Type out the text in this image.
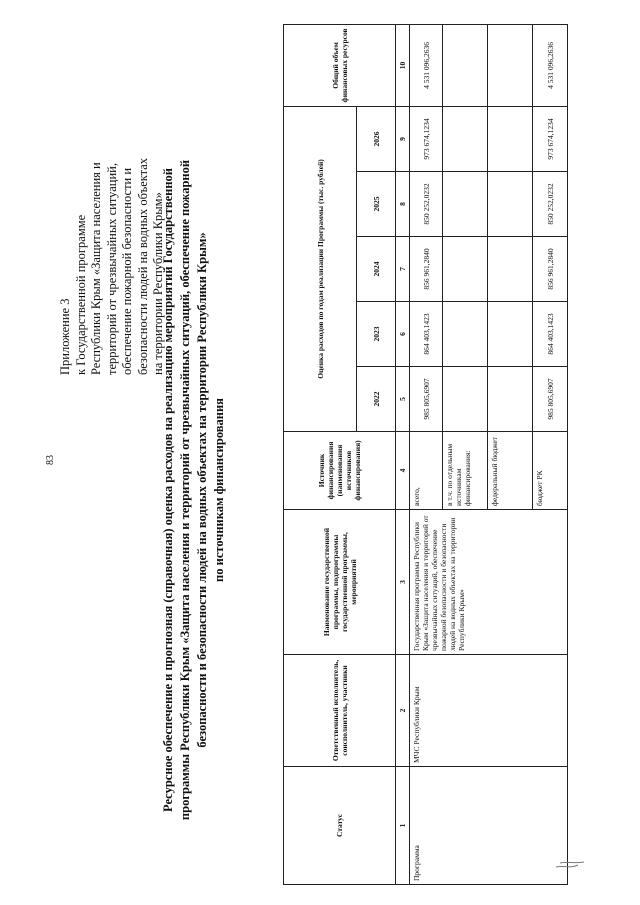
83
Приложение 3 к Государственной программе Республики Крым «Защита населения и территорий от чрезвычайных ситуаций, обеспечение пожарной безопасности и безопасности людей на водных объектах на территории Республики Крым»
Ресурсное обеспечение и прогнозная (справочная) оценка расходов на реализацию мероприятий Государственной программы Республики Крым «Защита населения и территорий от чрезвычайных ситуаций, обеспечение пожарной безопасности и безопасности людей на водных объектах на территории Республики Крым» по источникам финансирования
Статус	Ответственный исполнитель, соисполнитель, участники	Наименование государственной программы, подпрограммы государственной программы, мероприятий	Источник финансирования (наименования источников финансирования)	Оценка расходов по годам реализации Программы (тыс. рублей)					Общий объем финансовых ресурсов
				2022	2023	2024	2025	2026	
1	2	3	4	5	6	7	8	9	10
Программа	МЧС Республики Крым	Государственная программа Республики Крым «Защита населения и территорий от чрезвычайных ситуаций, обеспечение пожарной безопасности и безопасности людей на водных объектах на территории Республики Крым»	всего,	985 805,6907	864 403,1423	856 961,2840	850 252,0232	973 674,1234	4 531 096,2636
			в т.ч. по отдельным источникам финансирования:						
			федеральный бюджет						
			бюджет РК	985 805,6907	864 403,1423	856 961,2840	850 252,0232	973 674,1234	4 531 096,2636
